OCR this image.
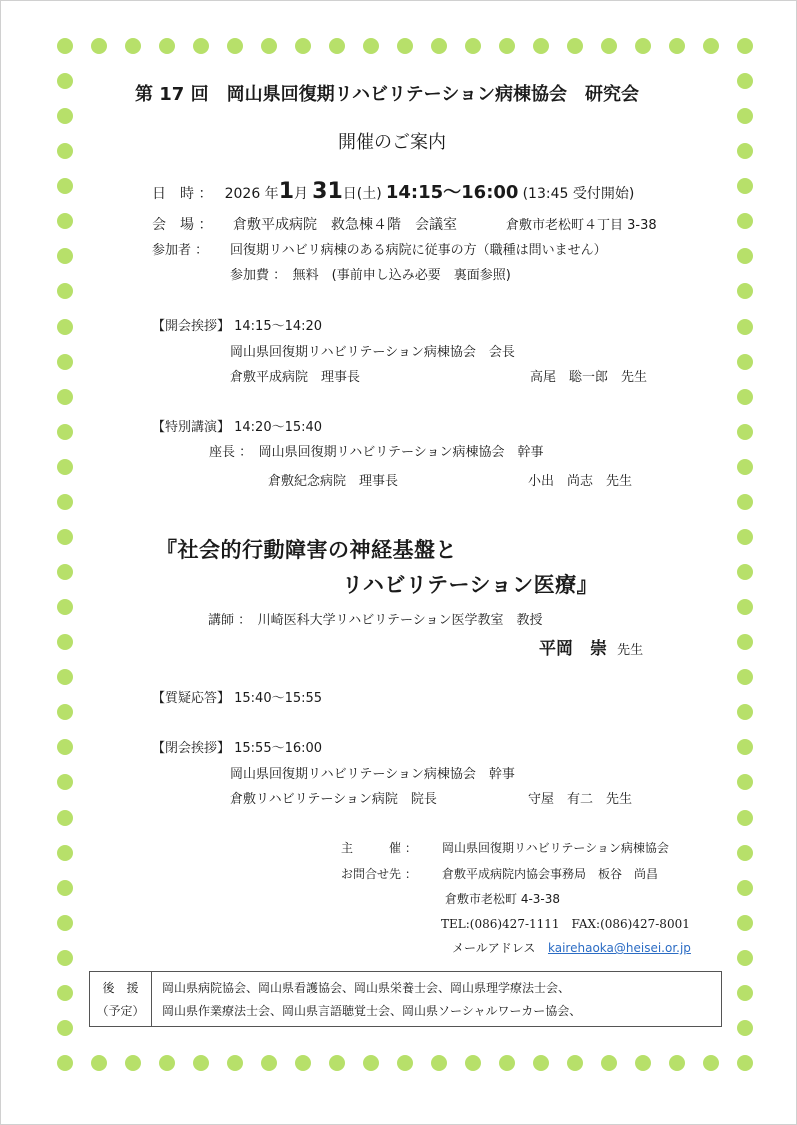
第 17 回　岡山県回復期リハビリテーション病棟協会　研究会
開催のご案内
日　時 ： 2026 年1月 31日(土) 14:15～16:00 (13:45 受付開始)
会　場 ： 倉敷平成病院　救急棟４階　会議室	倉敷市老松町４丁目 3-38
参加者 ： 回復期リハビリ病棟のある病院に従事の方（職種は問いません）
参加費 ：　無料　(事前申し込み必要　裏面参照)
【開会挨拶】 14:15～14:20
岡山県回復期リハビリテーション病棟協会　会長
倉敷平成病院　理事長	高尾　聡一郎　先生
【特別講演】 14:20～15:40
座長 ：　岡山県回復期リハビリテーション病棟協会　幹事
倉敷紀念病院　理事長	小出　尚志　先生
『社会的行動障害の神経基盤と
リハビリテーション医療』
講師 ：　川崎医科大学リハビリテーション医学教室　教授
平岡　崇 先生
【質疑応答】 15:40～15:55
【閉会挨拶】 15:55～16:00
岡山県回復期リハビリテーション病棟協会　幹事
倉敷リハビリテーション病院　院長	守屋　有二　先生
主　　　催 ： 岡山県回復期リハビリテーション病棟協会
お問合せ先 ： 倉敷平成病院内協会事務局　板谷　尚昌
倉敷市老松町 4-3-38
TEL:(086)427-1111　FAX:(086)427-8001
メールアドレス kairehaoka@heisei.or.jp
後　援
（予定）
岡山県病院協会、岡山県看護協会、岡山県栄養士会、岡山県理学療法士会、
岡山県作業療法士会、岡山県言語聴覚士会、岡山県ソーシャルワーカー協会、
